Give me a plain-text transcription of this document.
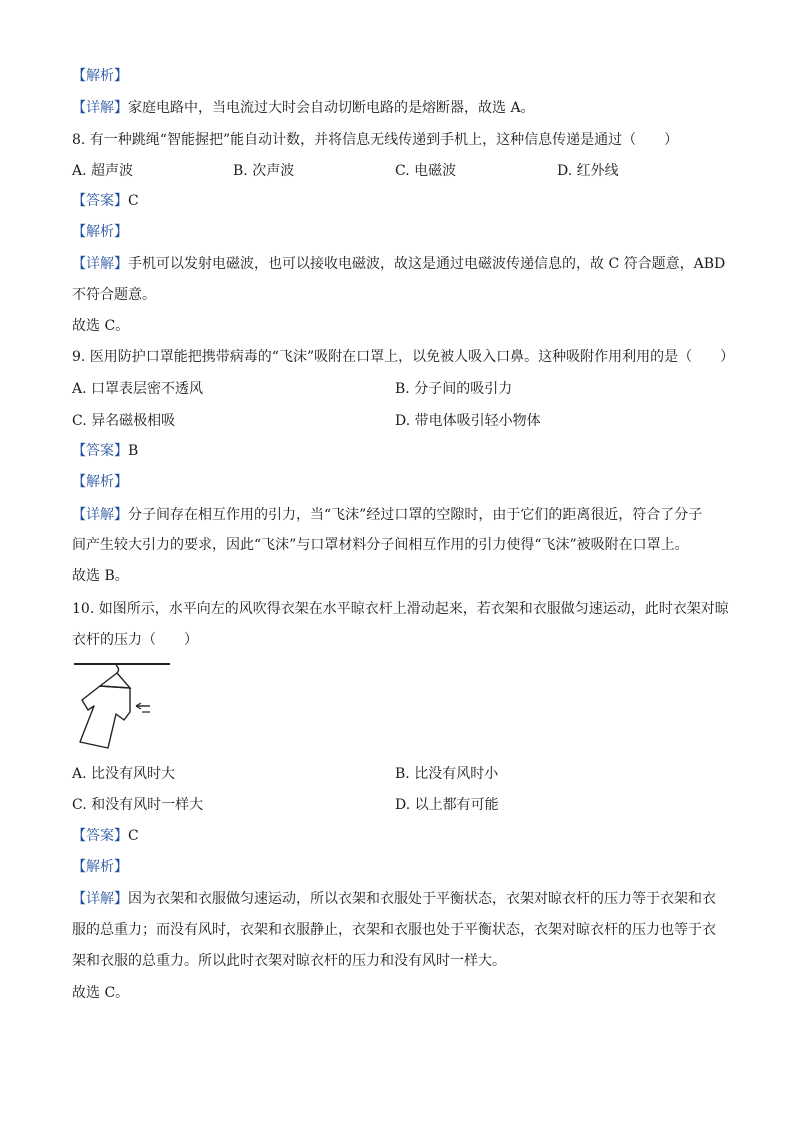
【解析】
【详解】家庭电路中，当电流过大时会自动切断电路的是熔断器，故选 A。
8. 有一种跳绳“智能握把”能自动计数，并将信息无线传递到手机上，这种信息传递是通过（　　）
A. 超声波	B. 次声波	C. 电磁波	D. 红外线
【答案】C
【解析】
【详解】手机可以发射电磁波，也可以接收电磁波，故这是通过电磁波传递信息的，故 C 符合题意，ABD
不符合题意。
故选 C。
9. 医用防护口罩能把携带病毒的“飞沫”吸附在口罩上，以免被人吸入口鼻。这种吸附作用利用的是（　　）
A. 口罩表层密不透风	B. 分子间的吸引力
C. 异名磁极相吸	D. 带电体吸引轻小物体
【答案】B
【解析】
【详解】分子间存在相互作用的引力，当“飞沫”经过口罩的空隙时，由于它们的距离很近，符合了分子
间产生较大引力的要求，因此“飞沫”与口罩材料分子间相互作用的引力使得“飞沫”被吸附在口罩上。
故选 B。
10. 如图所示，水平向左的风吹得衣架在水平晾衣杆上滑动起来，若衣架和衣服做匀速运动，此时衣架对晾
衣杆的压力（　　）
A. 比没有风时大	B. 比没有风时小
C. 和没有风时一样大	D. 以上都有可能
【答案】C
【解析】
【详解】因为衣架和衣服做匀速运动，所以衣架和衣服处于平衡状态，衣架对晾衣杆的压力等于衣架和衣
服的总重力；而没有风时，衣架和衣服静止，衣架和衣服也处于平衡状态，衣架对晾衣杆的压力也等于衣
架和衣服的总重力。所以此时衣架对晾衣杆的压力和没有风时一样大。
故选 C。
